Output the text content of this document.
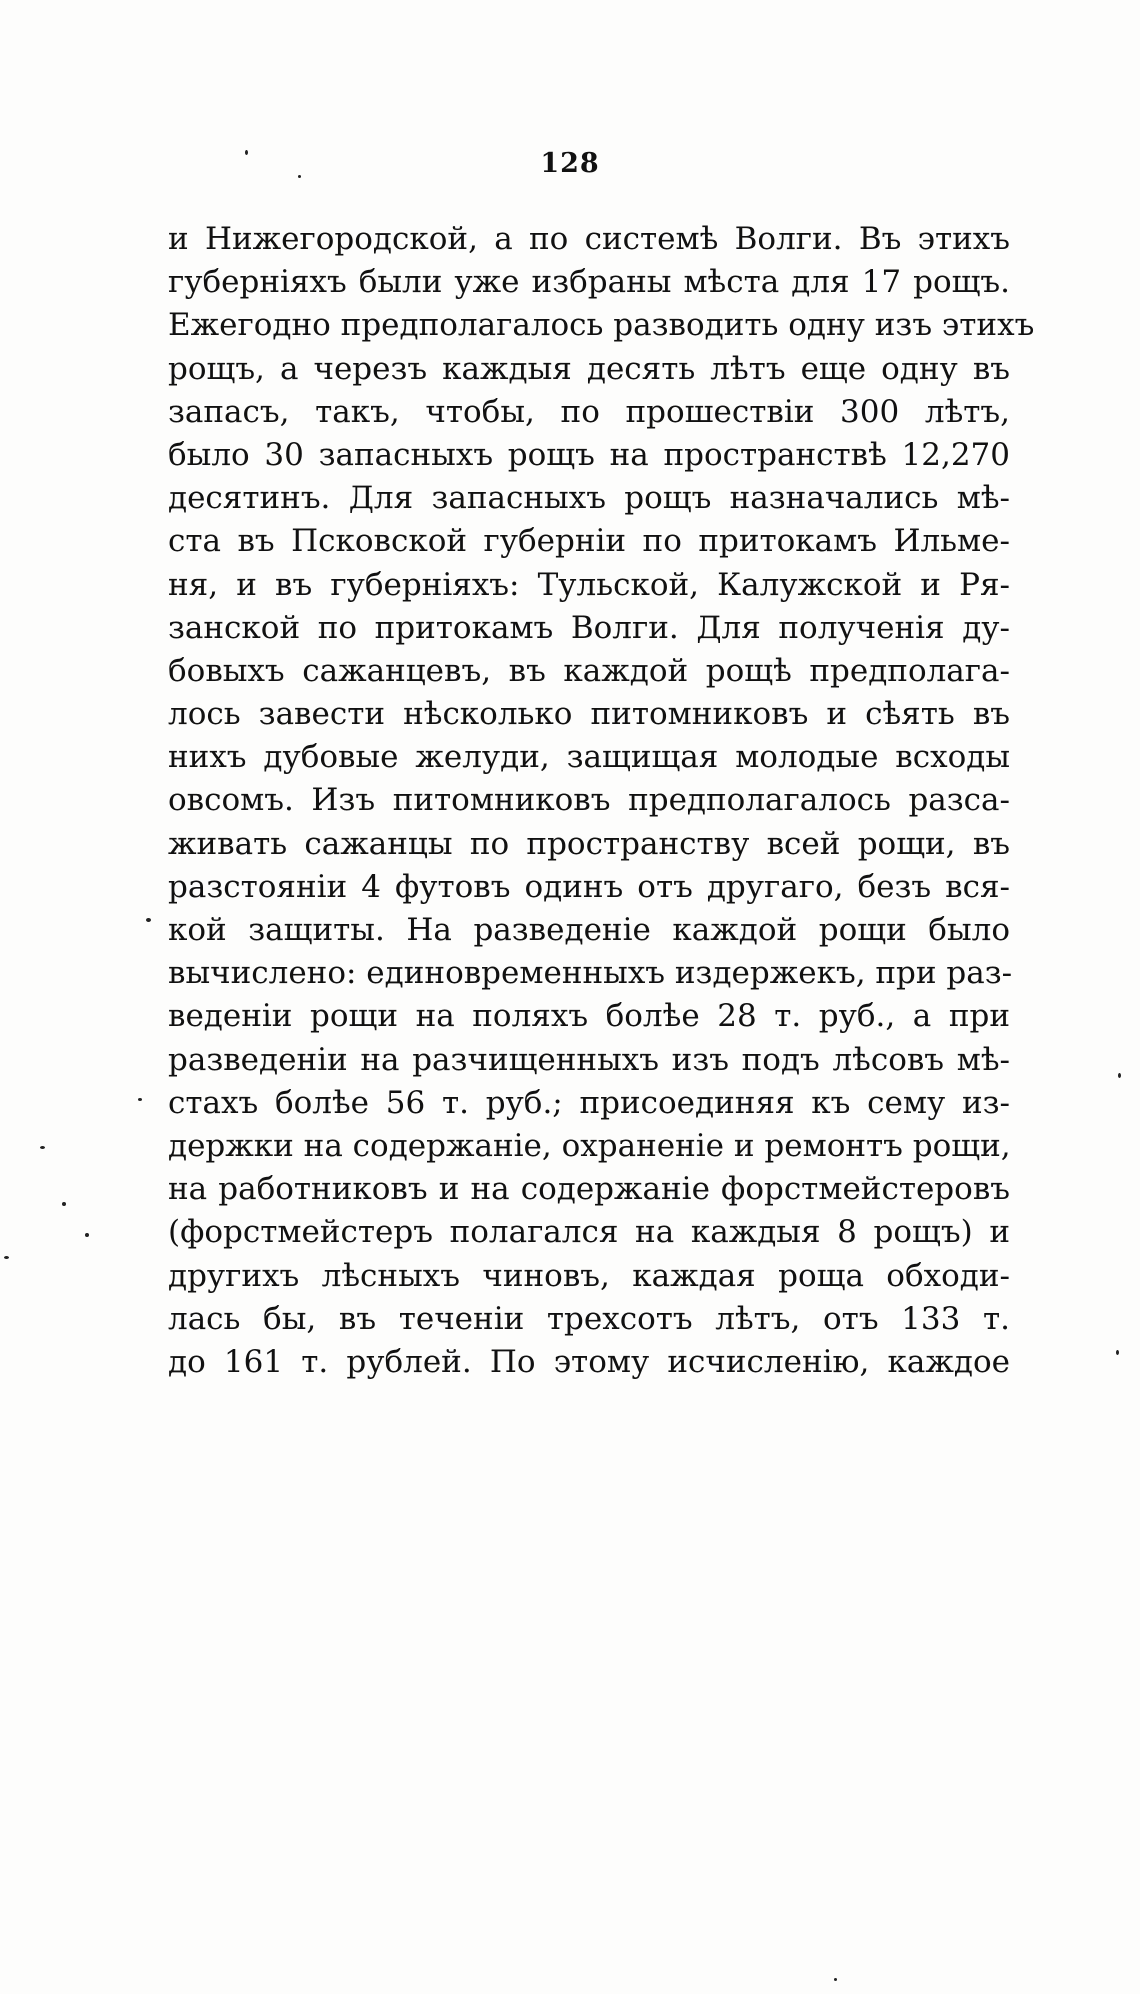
128
и Нижегородской, а по системѣ Волги. Въ этихъ
губерніяхъ были уже избраны мѣста для 17 рощъ.
Ежегодно предполагалось разводить одну изъ этихъ
рощъ, а черезъ каждыя десять лѣтъ еще одну въ
запасъ, такъ, чтобы, по прошествіи 300 лѣтъ,
было 30 запасныхъ рощъ на пространствѣ 12,270
десятинъ. Для запасныхъ рощъ назначались мѣ-
ста въ Псковской губерніи по притокамъ Ильме-
ня, и въ губерніяхъ: Тульской, Калужской и Ря-
занской по притокамъ Волги. Для полученія ду-
бовыхъ сажанцевъ, въ каждой рощѣ предполага-
лось завести нѣсколько питомниковъ и сѣять въ
нихъ дубовые желуди, защищая молодые всходы
овсомъ. Изъ питомниковъ предполагалось разса-
живать сажанцы по пространству всей рощи, въ
разстояніи 4 футовъ одинъ отъ другаго, безъ вся-
кой защиты. На разведеніе каждой рощи было
вычислено: единовременныхъ издержекъ, при раз-
веденіи рощи на поляхъ болѣе 28 т. руб., а при
разведеніи на разчищенныхъ изъ подъ лѣсовъ мѣ-
стахъ болѣе 56 т. руб.; присоединяя къ сему из-
держки на содержаніе, охраненіе и ремонтъ рощи,
на работниковъ и на содержаніе форстмейстеровъ
(форстмейстеръ полагался на каждыя 8 рощъ) и
другихъ лѣсныхъ чиновъ, каждая роща обходи-
лась бы, въ теченіи трехсотъ лѣтъ, отъ 133 т.
до 161 т. рублей. По этому исчисленію, каждое
